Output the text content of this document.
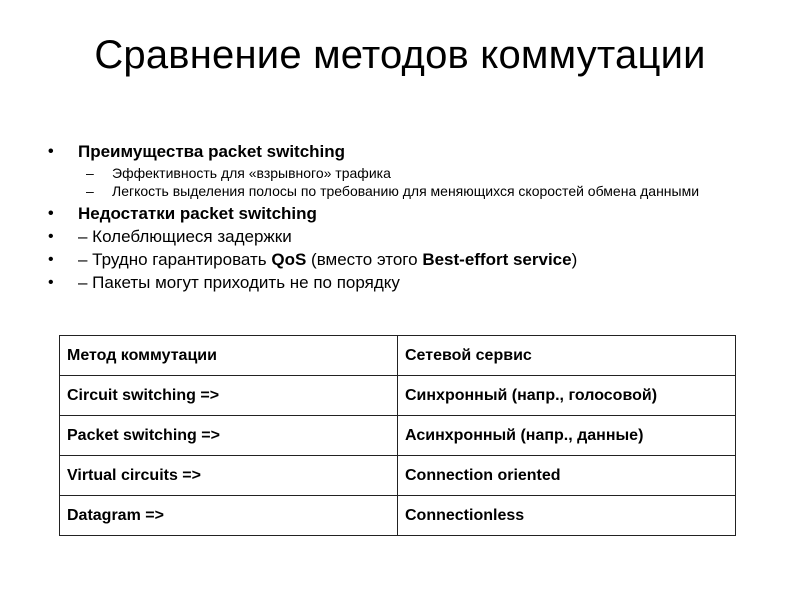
Сравнение методов коммутации
• Преимущества packet switching
– Эффективность для «взрывного» трафика
– Легкость выделения полосы по требованию для меняющихся скоростей обмена данными
• Недостатки packet switching
• – Колеблющиеся задержки
• – Трудно гарантировать QoS (вместо этого Best-effort service)
• – Пакеты могут приходить не по порядку
Метод коммутации	Сетевой сервис
Circuit switching =>	Синхронный (напр., голосовой)
Packet switching =>	Асинхронный (напр., данные)
Virtual circuits =>	Connection oriented
Datagram =>	Connectionless
